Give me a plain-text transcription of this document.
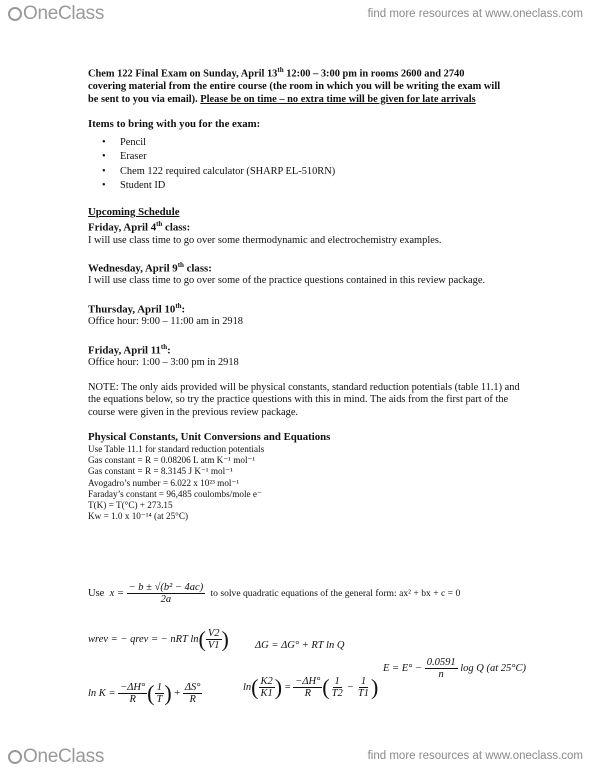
OneClass	find more resources at www.oneclass.com

Chem 122 Final Exam on Sunday, April 13th 12:00 – 3:00 pm in rooms 2600 and 2740
covering material from the entire course (the room in which you will be writing the exam will
be sent to you via email). Please be on time – no extra time will be given for late arrivals

Items to bring with you for the exam:

• Pencil
• Eraser
• Chem 122 required calculator (SHARP EL-510RN)
• Student ID

Upcoming Schedule

Friday, April 4th class:

I will use class time to go over some thermodynamic and electrochemistry examples.

Wednesday, April 9th class:

I will use class time to go over some of the practice questions contained in this review package.

Thursday, April 10th:

Office hour: 9:00 – 11:00 am in 2918

Friday, April 11th:

Office hour: 1:00 – 3:00 pm in 2918

NOTE: The only aids provided will be physical constants, standard reduction potentials (table 11.1) and the equations below, so try the practice questions with this in mind. The aids from the first part of the course were given in the previous review package.

Physical Constants, Unit Conversions and Equations

Use Table 11.1 for standard reduction potentials

Gas constant = R = 0.08206 L atm K⁻¹ mol⁻¹

Gas constant = R = 8.3145 J K⁻¹ mol⁻¹

Avogadro’s number = 6.022 x 10²³ mol⁻¹

Faraday’s constant = 96,485 coulombs/mole e⁻

T(K) = T(°C) + 273.15

Kw = 1.0 x 10⁻¹⁴ (at 25°C)

Use $x = \frac{\text{− b ± √(b² − 4ac)}}{2a}$ to solve quadratic equations of the general form: ax² + bx + c = 0
wrev = − qrev = − nRT $\ln( \frac{V2}{V1}$ ) ΔG = ΔG° + RT ln Q
$E = E^\circ - \frac{0.0591}{n}$ log Q (at 25°C)
$\ln K = \frac{-\Delta H^\circ}{R}$ ( $\frac{1}{T}$ ) + $\frac{\Delta S^\circ}{R}$	$\ln( \frac{K2}{K1}$ ) = $\frac{-\Delta H^\circ}{R}$ ( $\frac{1}{T2} - \frac{1}{T1}$ )
OneClass	find more resources at www.oneclass.com
